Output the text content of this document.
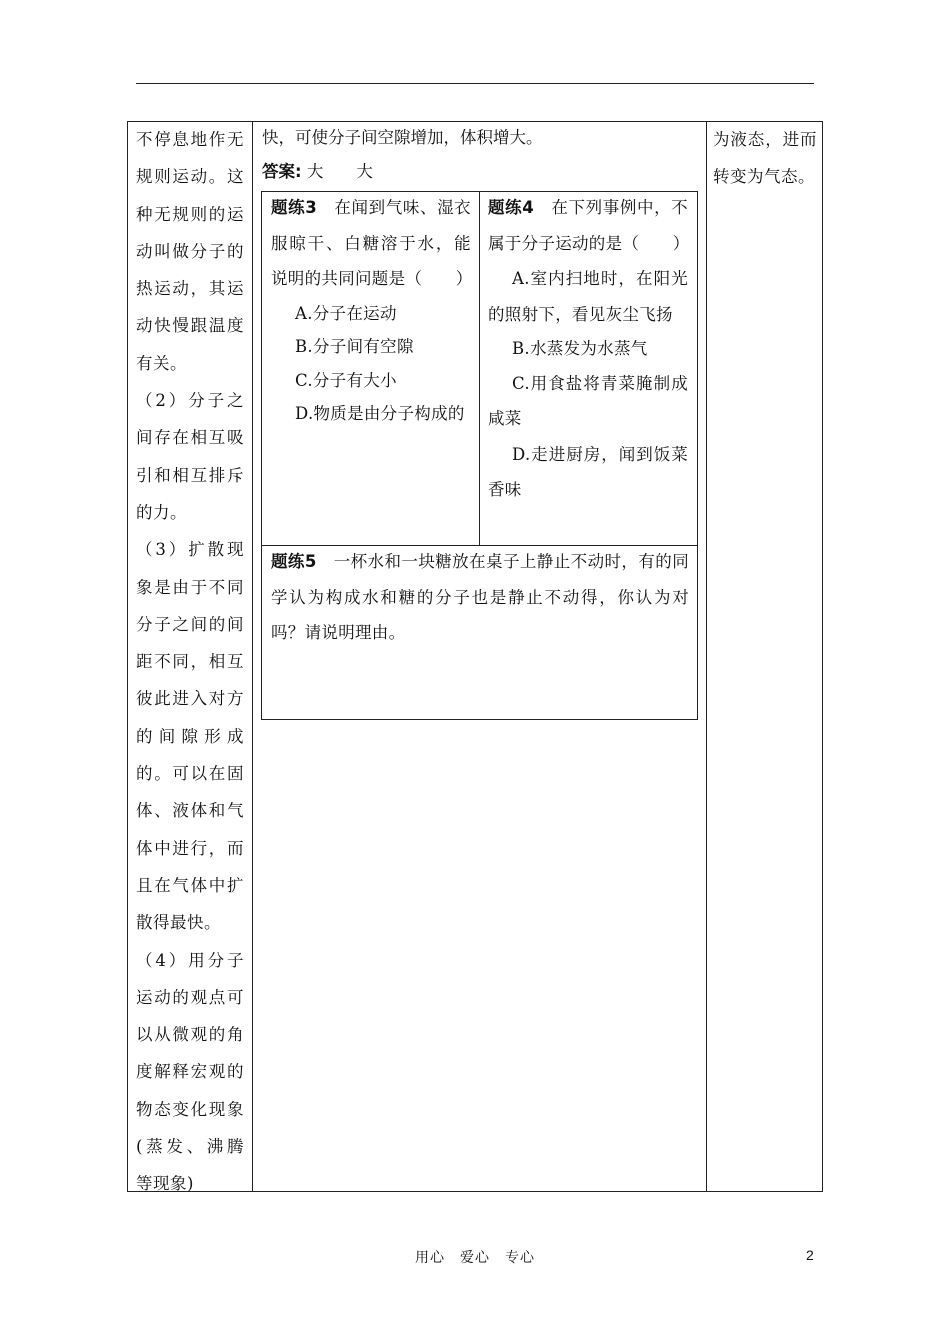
不停息地作无规则运动。这种无规则的运动叫做分子的热运动，其运动快慢跟温度有关。

（2）分子之间存在相互吸引和相互排斥的力。

（3）扩散现象是由于不同分子之间的间距不同，相互彼此进入对方的间隙形成的。可以在固体、液体和气体中进行，而且在气体中扩散得最快。

（4）用分子运动的观点可以从微观的角度解释宏观的物态变化现象(蒸发、沸腾等现象)

为液态，进而转变为气态。

快，可使分子间空隙增加，体积增大。
答案: 大　　大

题练3　 在闻到气味、湿衣服晾干、白糖溶于水，能说明的共同问题是（　　）

A.分子在运动

B.分子间有空隙

C.分子有大小

D.物质是由分子构成的

题练4　 在下列事例中，不属于分子运动的是（　　）

A.室内扫地时，在阳光的照射下，看见灰尘飞扬

B.水蒸发为水蒸气

C.用食盐将青菜腌制成咸菜

D.走进厨房，闻到饭菜香味

题练5　 一杯水和一块糖放在桌子上静止不动时，有的同学认为构成水和糖的分子也是静止不动得，你认为对吗？请说明理由。

用心　爱心　专心	2
